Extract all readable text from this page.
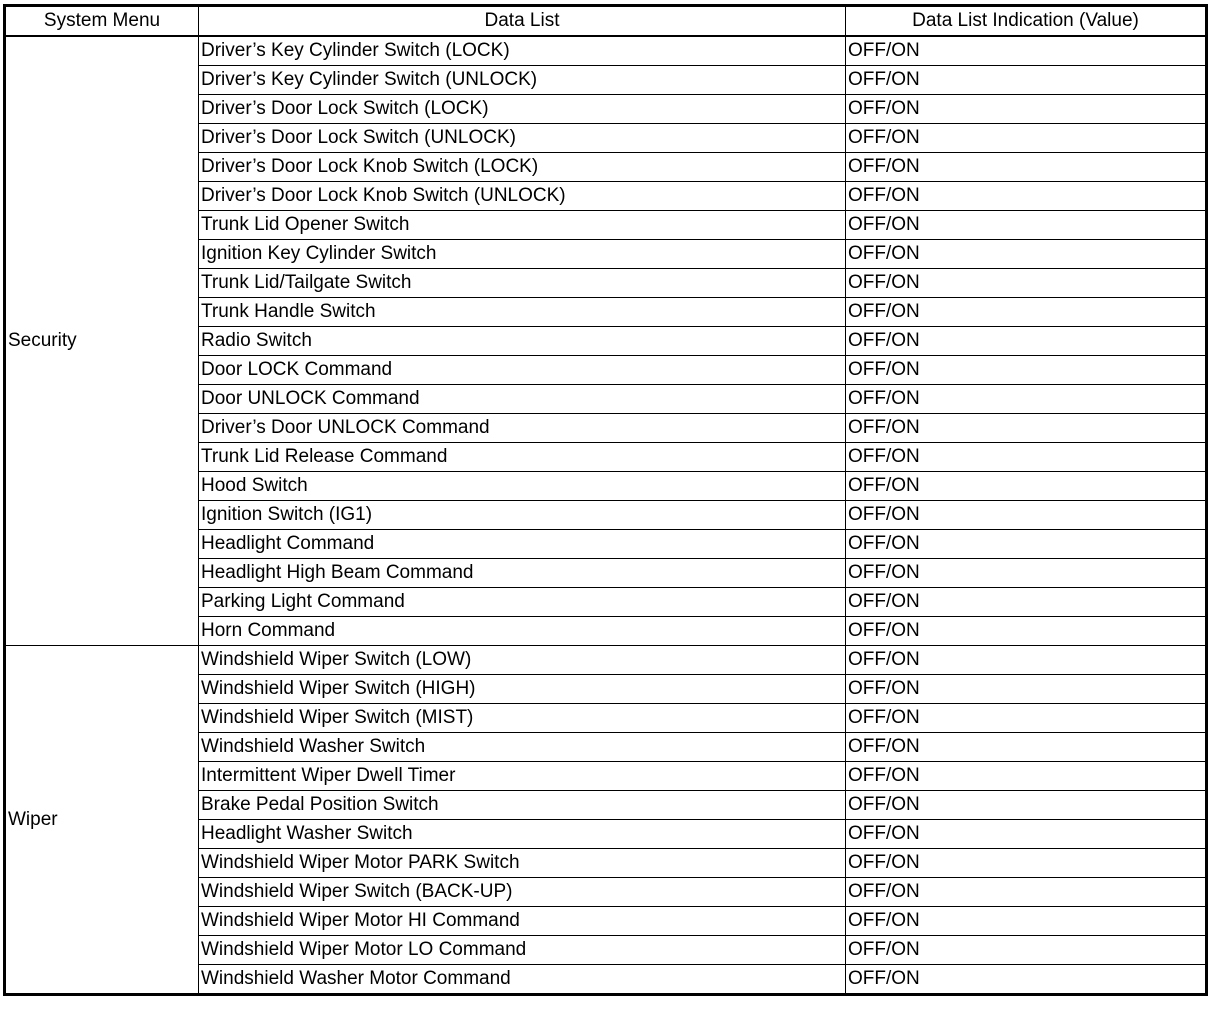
System Menu	Data List	Data List Indication (Value)
Security	Driver’s Key Cylinder Switch (LOCK)	OFF/ON
	Driver’s Key Cylinder Switch (UNLOCK)	OFF/ON
	Driver’s Door Lock Switch (LOCK)	OFF/ON
	Driver’s Door Lock Switch (UNLOCK)	OFF/ON
	Driver’s Door Lock Knob Switch (LOCK)	OFF/ON
	Driver’s Door Lock Knob Switch (UNLOCK)	OFF/ON
	Trunk Lid Opener Switch	OFF/ON
	Ignition Key Cylinder Switch	OFF/ON
	Trunk Lid/Tailgate Switch	OFF/ON
	Trunk Handle Switch	OFF/ON
	Radio Switch	OFF/ON
	Door LOCK Command	OFF/ON
	Door UNLOCK Command	OFF/ON
	Driver’s Door UNLOCK Command	OFF/ON
	Trunk Lid Release Command	OFF/ON
	Hood Switch	OFF/ON
	Ignition Switch (IG1)	OFF/ON
	Headlight Command	OFF/ON
	Headlight High Beam Command	OFF/ON
	Parking Light Command	OFF/ON
	Horn Command	OFF/ON
Wiper	Windshield Wiper Switch (LOW)	OFF/ON
	Windshield Wiper Switch (HIGH)	OFF/ON
	Windshield Wiper Switch (MIST)	OFF/ON
	Windshield Washer Switch	OFF/ON
	Intermittent Wiper Dwell Timer	OFF/ON
	Brake Pedal Position Switch	OFF/ON
	Headlight Washer Switch	OFF/ON
	Windshield Wiper Motor PARK Switch	OFF/ON
	Windshield Wiper Switch (BACK-UP)	OFF/ON
	Windshield Wiper Motor HI Command	OFF/ON
	Windshield Wiper Motor LO Command	OFF/ON
	Windshield Washer Motor Command	OFF/ON
